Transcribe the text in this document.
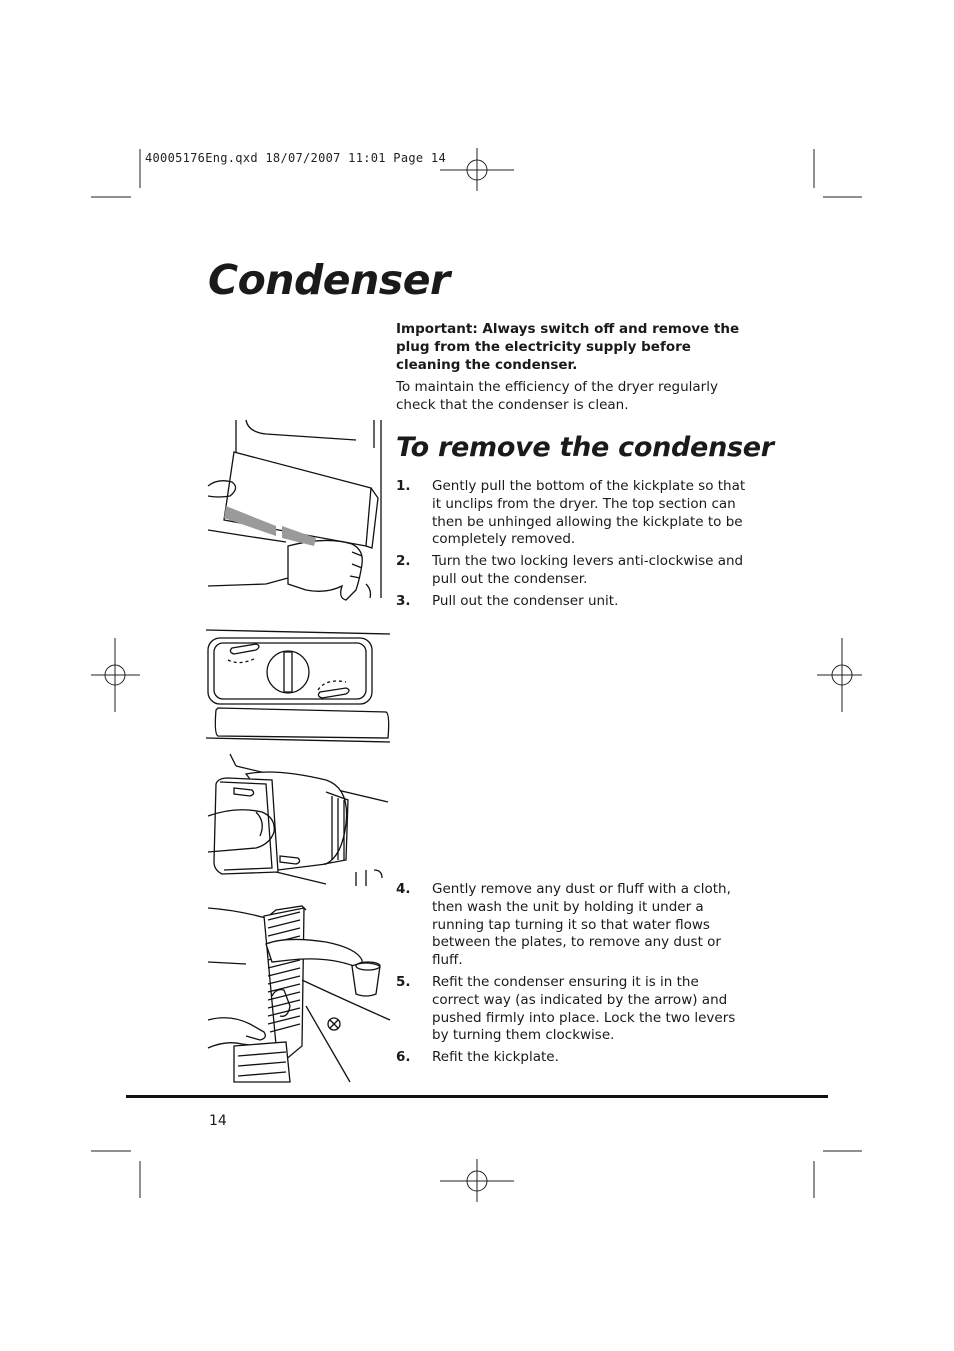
40005176Eng.qxd 18/07/2007 11:01 Page 14
Condenser

Important: Always switch off and remove the plug from the electricity supply before cleaning the condenser.

To maintain the efficiency of the dryer regularly check that the condenser is clean.

To remove the condenser
1. Gently pull the bottom of the kickplate so that it unclips from the dryer. The top section can then be unhinged allowing the kickplate to be completely removed.
2. Turn the two locking levers anti-clockwise and pull out the condenser.
3. Pull out the condenser unit.
4. Gently remove any dust or fluff with a cloth, then wash the unit by holding it under a running tap turning it so that water flows between the plates, to remove any dust or fluff.
5. Refit the condenser ensuring it is in the correct way (as indicated by the arrow) and pushed firmly into place. Lock the two levers by turning them clockwise.
6. Refit the kickplate.
14
